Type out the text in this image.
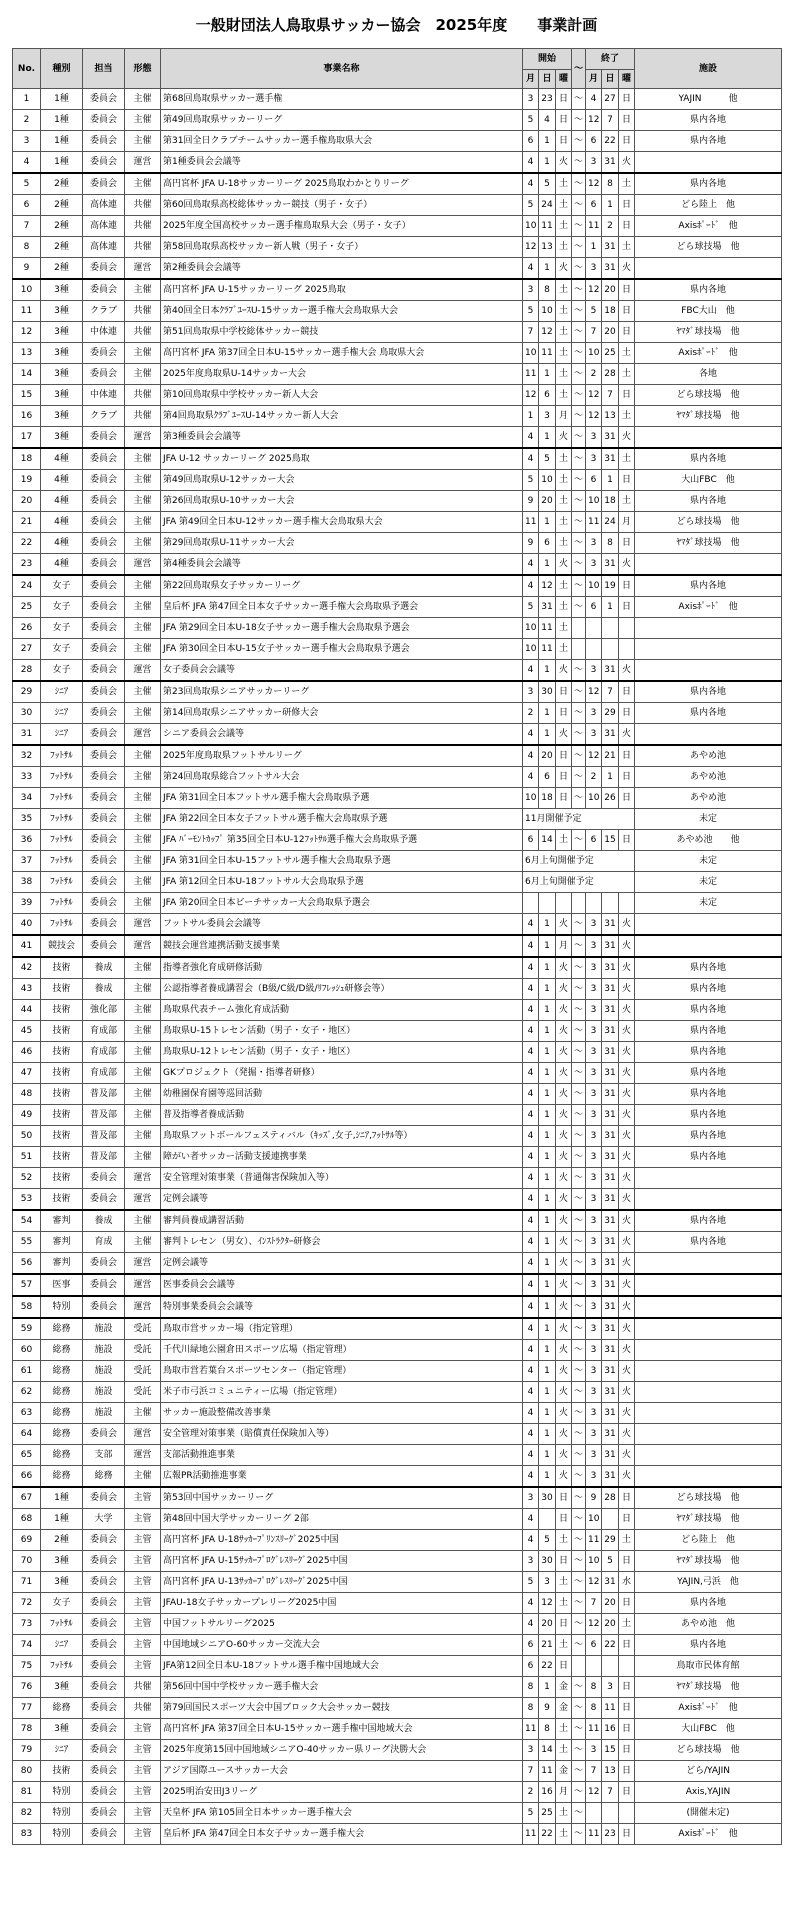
一般財団法人鳥取県サッカー協会　2025年度　　事業計画
No.	種別	担当	形態	事業名称	開始			～	終了			施設
					月	日	曜		月	日	曜	
1	1種	委員会	主催	第68回鳥取県サッカー選手権	3	23	日	～	4	27	日	YAJIN　　　他
2	1種	委員会	主催	第49回鳥取県サッカーリーグ	5	4	日	～	12	7	日	県内各地
3	1種	委員会	主催	第31回全日クラブチームサッカー選手権鳥取県大会	6	1	日	～	6	22	日	県内各地
4	1種	委員会	運営	第1種委員会会議等	4	1	火	～	3	31	火	
5	2種	委員会	主催	高円宮杯 JFA U-18サッカーリーグ 2025鳥取わかとりリーグ	4	5	土	～	12	8	土	県内各地
6	2種	高体連	共催	第60回鳥取県高校総体サッカー競技（男子・女子）	5	24	土	～	6	1	日	どら陸上　他
7	2種	高体連	共催	2025年度全国高校サッカー選手権鳥取県大会（男子・女子）	10	11	土	～	11	2	日	Axisﾎﾟｰﾄﾞ　他
8	2種	高体連	共催	第58回鳥取県高校サッカー新人戦（男子・女子）	12	13	土	～	1	31	土	どら球技場　他
9	2種	委員会	運営	第2種委員会会議等	4	1	火	～	3	31	火	
10	3種	委員会	主催	高円宮杯 JFA U-15サッカーリーグ 2025鳥取	3	8	土	～	12	20	日	県内各地
11	3種	クラブ	共催	第40回全日本ｸﾗﾌﾞﾕｰｽU-15サッカー選手権大会鳥取県大会	5	10	土	～	5	18	日	FBC大山　他
12	3種	中体連	共催	第51回鳥取県中学校総体サッカー競技	7	12	土	～	7	20	日	ﾔﾏﾀﾞ球技場　他
13	3種	委員会	主催	高円宮杯 JFA 第37回全日本U-15サッカー選手権大会 鳥取県大会	10	11	土	～	10	25	土	Axisﾎﾟｰﾄﾞ　他
14	3種	委員会	主催	2025年度鳥取県U-14サッカー大会	11	1	土	～	2	28	土	各地
15	3種	中体連	共催	第10回鳥取県中学校サッカー新人大会	12	6	土	～	12	7	日	どら球技場　他
16	3種	クラブ	共催	第4回鳥取県ｸﾗﾌﾞﾕｰｽU-14サッカー新人大会	1	3	月	～	12	13	土	ﾔﾏﾀﾞ球技場　他
17	3種	委員会	運営	第3種委員会会議等	4	1	火	～	3	31	火	
18	4種	委員会	主催	JFA U-12 サッカーリーグ 2025鳥取	4	5	土	～	3	31	土	県内各地
19	4種	委員会	主催	第49回鳥取県U-12サッカー大会	5	10	土	～	6	1	日	大山FBC　他
20	4種	委員会	主催	第26回鳥取県U-10サッカー大会	9	20	土	～	10	18	土	県内各地
21	4種	委員会	主催	JFA 第49回全日本U-12サッカー選手権大会鳥取県大会	11	1	土	～	11	24	月	どら球技場　他
22	4種	委員会	主催	第29回鳥取県U-11サッカー大会	9	6	土	～	3	8	日	ﾔﾏﾀﾞ球技場　他
23	4種	委員会	運営	第4種委員会会議等	4	1	火	～	3	31	火	
24	女子	委員会	主催	第22回鳥取県女子サッカーリーグ	4	12	土	～	10	19	日	県内各地
25	女子	委員会	主催	皇后杯 JFA 第47回全日本女子サッカー選手権大会鳥取県予選会	5	31	土	～	6	1	日	Axisﾎﾟｰﾄﾞ　他
26	女子	委員会	主催	JFA 第29回全日本U-18女子サッカー選手権大会鳥取県予選会	10	11	土					
27	女子	委員会	主催	JFA 第30回全日本U-15女子サッカー選手権大会鳥取県予選会	10	11	土					
28	女子	委員会	運営	女子委員会会議等	4	1	火	～	3	31	火	
29	ｼﾆｱ	委員会	主催	第23回鳥取県シニアサッカーリーグ	3	30	日	～	12	7	日	県内各地
30	ｼﾆｱ	委員会	主催	第14回鳥取県シニアサッカー研修大会	2	1	日	～	3	29	日	県内各地
31	ｼﾆｱ	委員会	運営	シニア委員会会議等	4	1	火	～	3	31	火	
32	ﾌｯﾄｻﾙ	委員会	主催	2025年度鳥取県フットサルリーグ	4	20	日	～	12	21	日	あやめ池
33	ﾌｯﾄｻﾙ	委員会	主催	第24回鳥取県総合フットサル大会	4	6	日	～	2	1	日	あやめ池
34	ﾌｯﾄｻﾙ	委員会	主催	JFA 第31回全日本フットサル選手権大会鳥取県予選	10	18	日	～	10	26	日	あやめ池
35	ﾌｯﾄｻﾙ	委員会	主催	JFA 第22回全日本女子フットサル選手権大会鳥取県予選	11月開催予定							未定
36	ﾌｯﾄｻﾙ	委員会	主催	JFA ﾊﾞｰﾓﾝﾄｶｯﾌﾟ 第35回全日本U-12ﾌｯﾄｻﾙ選手権大会鳥取県予選	6	14	土	～	6	15	日	あやめ池　　他
37	ﾌｯﾄｻﾙ	委員会	主催	JFA 第31回全日本U-15フットサル選手権大会鳥取県予選	6月上旬開催予定							未定
38	ﾌｯﾄｻﾙ	委員会	主催	JFA 第12回全日本U-18フットサル大会鳥取県予選	6月上旬開催予定							未定
39	ﾌｯﾄｻﾙ	委員会	主催	JFA 第20回全日本ビーチサッカー大会鳥取県予選会								未定
40	ﾌｯﾄｻﾙ	委員会	運営	フットサル委員会会議等	4	1	火	～	3	31	火	
41	競技会	委員会	運営	競技会運営連携活動支援事業	4	1	月	～	3	31	火	
42	技術	養成	主催	指導者強化育成研修活動	4	1	火	～	3	31	火	県内各地
43	技術	養成	主催	公認指導者養成講習会（B級/C級/D級/ﾘﾌﾚｯｼｭ研修会等）	4	1	火	～	3	31	火	県内各地
44	技術	強化部	主催	鳥取県代表チーム強化育成活動	4	1	火	～	3	31	火	県内各地
45	技術	育成部	主催	鳥取県U-15トレセン活動（男子・女子・地区）	4	1	火	～	3	31	火	県内各地
46	技術	育成部	主催	鳥取県U-12トレセン活動（男子・女子・地区）	4	1	火	～	3	31	火	県内各地
47	技術	育成部	主催	GKプロジェクト（発掘・指導者研修）	4	1	火	～	3	31	火	県内各地
48	技術	普及部	主催	幼稚園保育園等巡回活動	4	1	火	～	3	31	火	県内各地
49	技術	普及部	主催	普及指導者養成活動	4	1	火	～	3	31	火	県内各地
50	技術	普及部	主催	鳥取県フットボールフェスティバル（ｷｯｽﾞ,女子,ｼﾆｱ,ﾌｯﾄｻﾙ等）	4	1	火	～	3	31	火	県内各地
51	技術	普及部	主催	障がい者サッカー活動支援連携事業	4	1	火	～	3	31	火	県内各地
52	技術	委員会	運営	安全管理対策事業（普通傷害保険加入等）	4	1	火	～	3	31	火	
53	技術	委員会	運営	定例会議等	4	1	火	～	3	31	火	
54	審判	養成	主催	審判員養成講習活動	4	1	火	～	3	31	火	県内各地
55	審判	育成	主催	審判トレセン（男女）、ｲﾝｽﾄﾗｸﾀｰ研修会	4	1	火	～	3	31	火	県内各地
56	審判	委員会	運営	定例会議等	4	1	火	～	3	31	火	
57	医事	委員会	運営	医事委員会会議等	4	1	火	～	3	31	火	
58	特別	委員会	運営	特別事業委員会会議等	4	1	火	～	3	31	火	
59	総務	施設	受託	鳥取市営サッカー場（指定管理）	4	1	火	～	3	31	火	
60	総務	施設	受託	千代川緑地公園倉田スポーツ広場（指定管理）	4	1	火	～	3	31	火	
61	総務	施設	受託	鳥取市営若葉台スポーツセンター（指定管理）	4	1	火	～	3	31	火	
62	総務	施設	受託	米子市弓浜コミュニティー広場（指定管理）	4	1	火	～	3	31	火	
63	総務	施設	主催	サッカー施設整備改善事業	4	1	火	～	3	31	火	
64	総務	委員会	運営	安全管理対策事業（賠償責任保険加入等）	4	1	火	～	3	31	火	
65	総務	支部	運営	支部活動推進事業	4	1	火	～	3	31	火	
66	総務	総務	主催	広報PR活動推進事業	4	1	火	～	3	31	火	
67	1種	委員会	主管	第53回中国サッカーリーグ	3	30	日	～	9	28	日	どら球技場　他
68	1種	大学	主管	第48回中国大学サッカーリーグ 2部	4		日	～	10		日	ﾔﾏﾀﾞ球技場　他
69	2種	委員会	主管	高円宮杯 JFA U-18ｻｯｶｰﾌﾟﾘﾝｽﾘｰｸﾞ2025中国	4	5	土	～	11	29	土	どら陸上　他
70	3種	委員会	主管	高円宮杯 JFA U-15ｻｯｶｰﾌﾟﾛｸﾞﾚｽﾘｰｸﾞ2025中国	3	30	日	～	10	5	日	ﾔﾏﾀﾞ球技場　他
71	3種	委員会	主管	高円宮杯 JFA U-13ｻｯｶｰﾌﾟﾛｸﾞﾚｽﾘｰｸﾞ2025中国	5	3	土	～	12	31	水	YAJIN,弓浜　他
72	女子	委員会	主管	JFAU-18女子サッカープレリーグ2025中国	4	12	土	～	7	20	日	県内各地
73	ﾌｯﾄｻﾙ	委員会	主管	中国フットサルリーグ2025	4	20	日	～	12	20	土	あやめ池　他
74	ｼﾆｱ	委員会	主管	中国地域シニアO-60サッカー交流大会	6	21	土	～	6	22	日	県内各地
75	ﾌｯﾄｻﾙ	委員会	主管	JFA第12回全日本U-18フットサル選手権中国地域大会	6	22	日					鳥取市民体育館
76	3種	委員会	共催	第56回中国中学校サッカー選手権大会	8	1	金	～	8	3	日	ﾔﾏﾀﾞ球技場　他
77	総務	委員会	共催	第79回国民スポーツ大会中国ブロック大会サッカー競技	8	9	金	～	8	11	日	Axisﾎﾟｰﾄﾞ　他
78	3種	委員会	主管	高円宮杯 JFA 第37回全日本U-15サッカー選手権中国地域大会	11	8	土	～	11	16	日	大山FBC　他
79	ｼﾆｱ	委員会	主管	2025年度第15回中国地域シニアO-40サッカー県リーグ決勝大会	3	14	土	～	3	15	日	どら球技場　他
80	技術	委員会	主管	アジア国際ユースサッカー大会	7	11	金	～	7	13	日	どら/YAJIN
81	特別	委員会	主管	2025明治安田J3リーグ	2	16	月	～	12	7	日	Axis,YAJIN
82	特別	委員会	主管	天皇杯 JFA 第105回全日本サッカー選手権大会	5	25	土	～				(開催未定)
83	特別	委員会	主管	皇后杯 JFA 第47回全日本女子サッカー選手権大会	11	22	土	～	11	23	日	Axisﾎﾟｰﾄﾞ　他
